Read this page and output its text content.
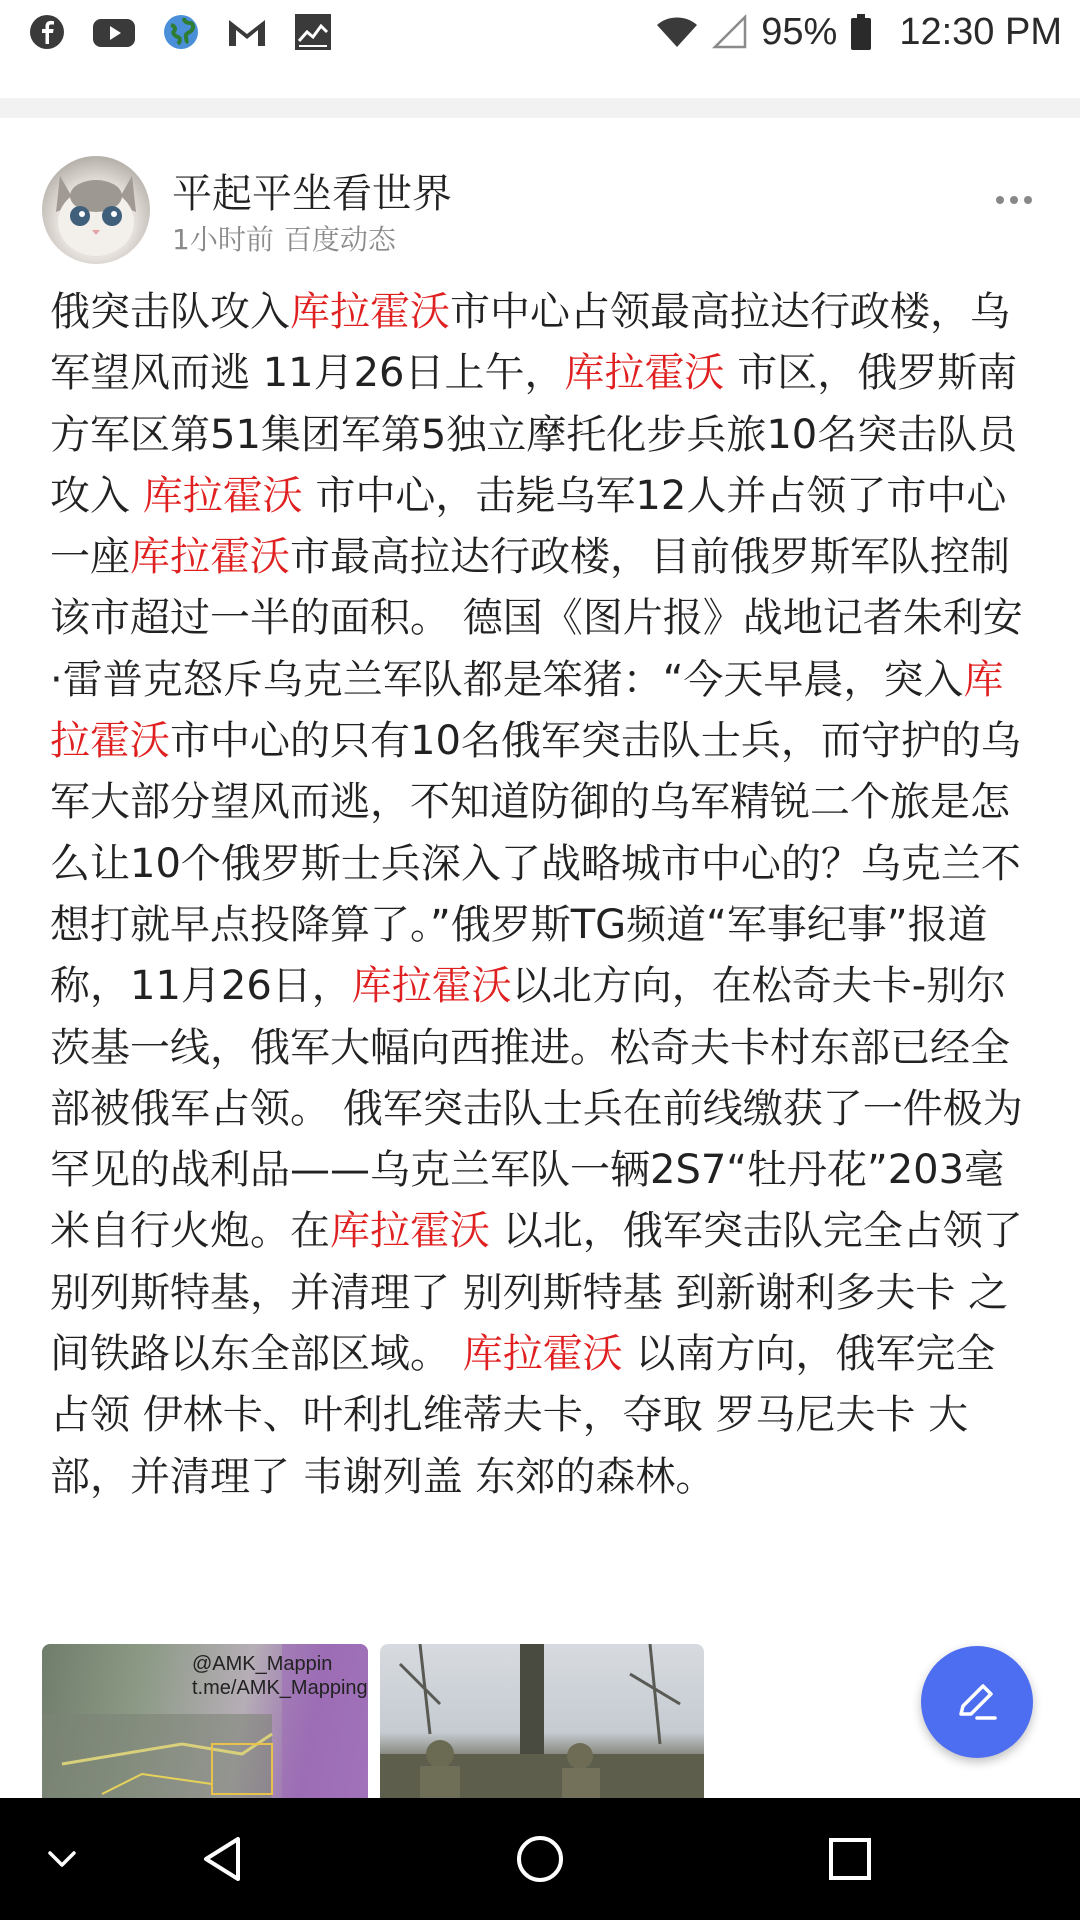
95% 12:30 PM
平起平坐看世界
1小时前 百度动态
俄突击队攻入库拉霍沃市中心占领最高拉达行政楼，乌军望风而逃 11月26日上午，库拉霍沃 市区，俄罗斯南方军区第51集团军第5独立摩托化步兵旅10名突击队员攻入 库拉霍沃 市中心，击毙乌军12人并占领了市中心一座库拉霍沃市最高拉达行政楼，目前俄罗斯军队控制该市超过一半的面积。 德国《图片报》战地记者朱利安·雷普克怒斥乌克兰军队都是笨猪：“今天早晨，突入库拉霍沃市中心的只有10名俄军突击队士兵，而守护的乌军大部分望风而逃，不知道防御的乌军精锐二个旅是怎么让10个俄罗斯士兵深入了战略城市中心的？乌克兰不想打就早点投降算了。”俄罗斯TG频道“军事纪事”报道称，11月26日，库拉霍沃以北方向，在松奇夫卡-别尔茨基一线，俄军大幅向西推进。松奇夫卡村东部已经全部被俄军占领。 俄军突击队士兵在前线缴获了一件极为罕见的战利品——乌克兰军队一辆2S7“牡丹花”203毫米自行火炮。在库拉霍沃 以北，俄军突击队完全占领了 别列斯特基，并清理了 别列斯特基 到新谢利多夫卡 之间铁路以东全部区域。 库拉霍沃 以南方向，俄军完全占领 伊林卡、叶利扎维蒂夫卡，夺取 罗马尼夫卡 大部，并清理了 韦谢列盖 东郊的森林。
@AMK_Mappin
t.me/AMK_Mapping
